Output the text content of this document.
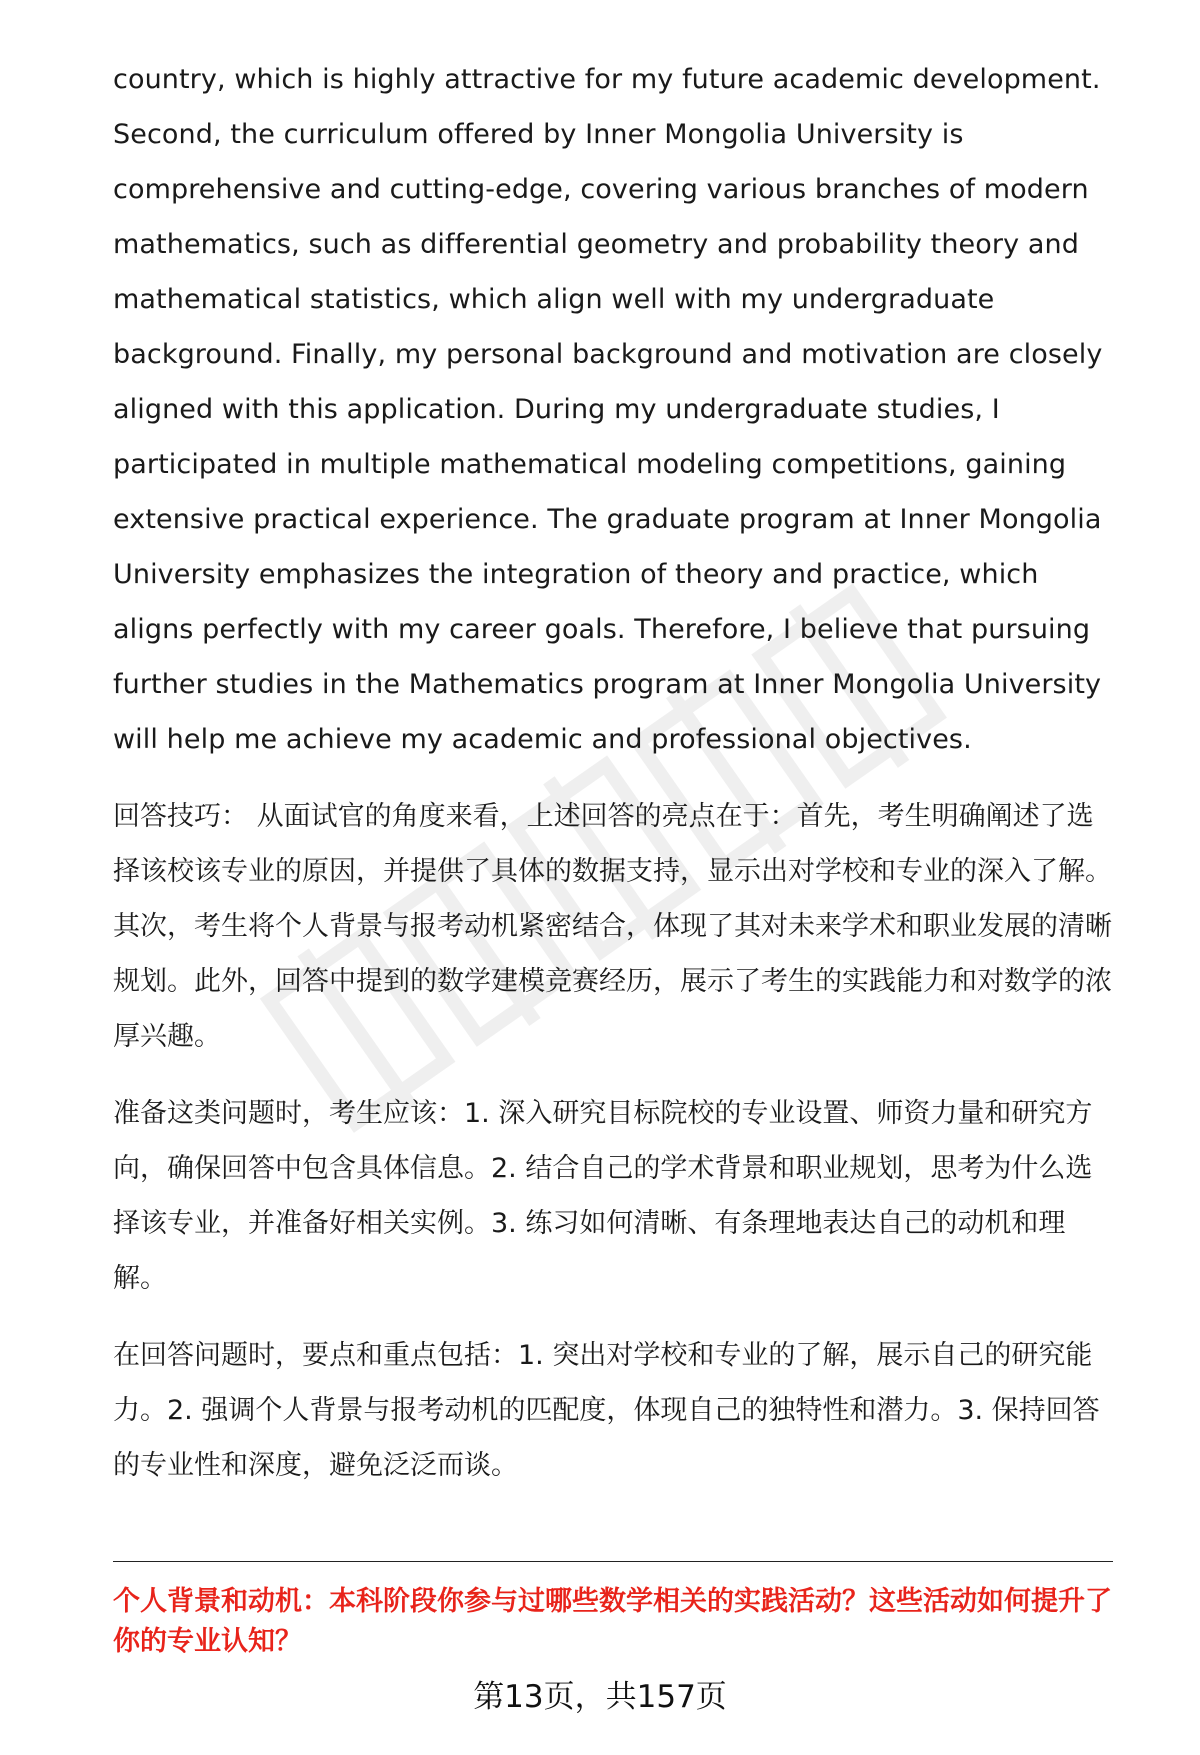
country, which is highly attractive for my future academic development. Second, the curriculum offered by Inner Mongolia University is comprehensive and cutting-edge, covering various branches of modern mathematics, such as differential geometry and probability theory and mathematical statistics, which align well with my undergraduate background. Finally, my personal background and motivation are closely aligned with this application. During my undergraduate studies, I participated in multiple mathematical modeling competitions, gaining extensive practical experience. The graduate program at Inner Mongolia University emphasizes the integration of theory and practice, which aligns perfectly with my career goals. Therefore, I believe that pursuing further studies in the Mathematics program at Inner Mongolia University will help me achieve my academic and professional objectives.

回答技巧： 从面试官的角度来看，上述回答的亮点在于：首先，考生明确阐述了选择该校该专业的原因，并提供了具体的数据支持，显示出对学校和专业的深入了解。其次，考生将个人背景与报考动机紧密结合，体现了其对未来学术和职业发展的清晰规划。此外，回答中提到的数学建模竞赛经历，展示了考生的实践能力和对数学的浓厚兴趣。

准备这类问题时，考生应该：1. 深入研究目标院校的专业设置、师资力量和研究方向，确保回答中包含具体信息。2. 结合自己的学术背景和职业规划，思考为什么选择该专业，并准备好相关实例。3. 练习如何清晰、有条理地表达自己的动机和理解。

在回答问题时，要点和重点包括：1. 突出对学校和专业的了解，展示自己的研究能力。2. 强调个人背景与报考动机的匹配度，体现自己的独特性和潜力。3. 保持回答的专业性和深度，避免泛泛而谈。

个人背景和动机：本科阶段你参与过哪些数学相关的实践活动？这些活动如何提升了你的专业认知？

第13页，共157页
